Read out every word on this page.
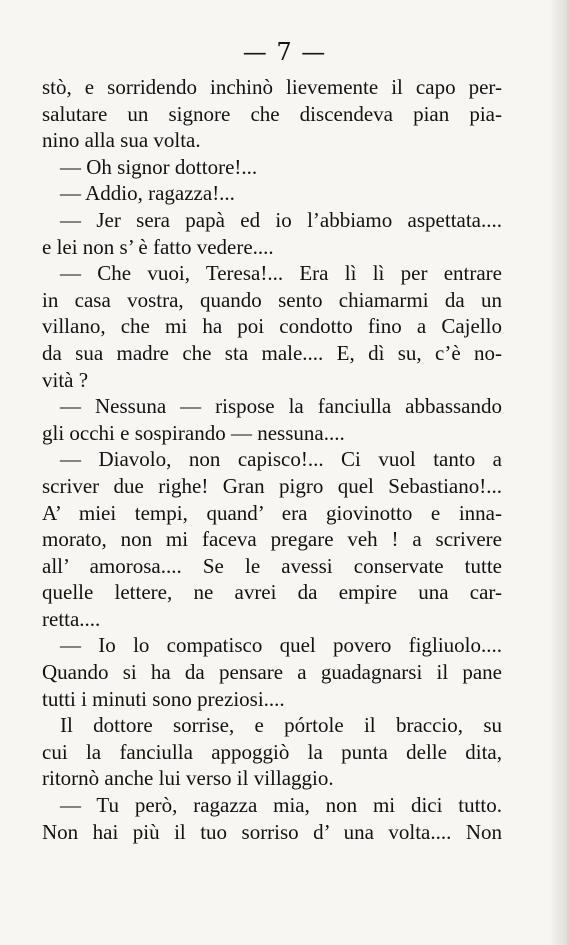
— 7 —
stò, e sorridendo inchinò lievemente il capo per-
salutare un signore che discendeva pian pia-
nino alla sua volta.
— Oh signor dottore!...
— Addio, ragazza!...
— Jer sera papà ed io l’abbiamo aspettata....
e lei non s’ è fatto vedere....
— Che vuoi, Teresa!... Era lì lì per entrare
in casa vostra, quando sento chiamarmi da un
villano, che mi ha poi condotto fino a Cajello
da sua madre che sta male.... E, dì su, c’è no-
vità ?
— Nessuna — rispose la fanciulla abbassando
gli occhi e sospirando — nessuna....
— Diavolo, non capisco!... Ci vuol tanto a
scriver due righe! Gran pigro quel Sebastiano!...
A’ miei tempi, quand’ era giovinotto e inna-
morato, non mi faceva pregare veh ! a scrivere
all’ amorosa.... Se le avessi conservate tutte
quelle lettere, ne avrei da empire una car-
retta....
— Io lo compatisco quel povero figliuolo....
Quando si ha da pensare a guadagnarsi il pane
tutti i minuti sono preziosi....
Il dottore sorrise, e pórtole il braccio, su
cui la fanciulla appoggiò la punta delle dita,
ritornò anche lui verso il villaggio.
— Tu però, ragazza mia, non mi dici tutto.
Non hai più il tuo sorriso d’ una volta.... Non
